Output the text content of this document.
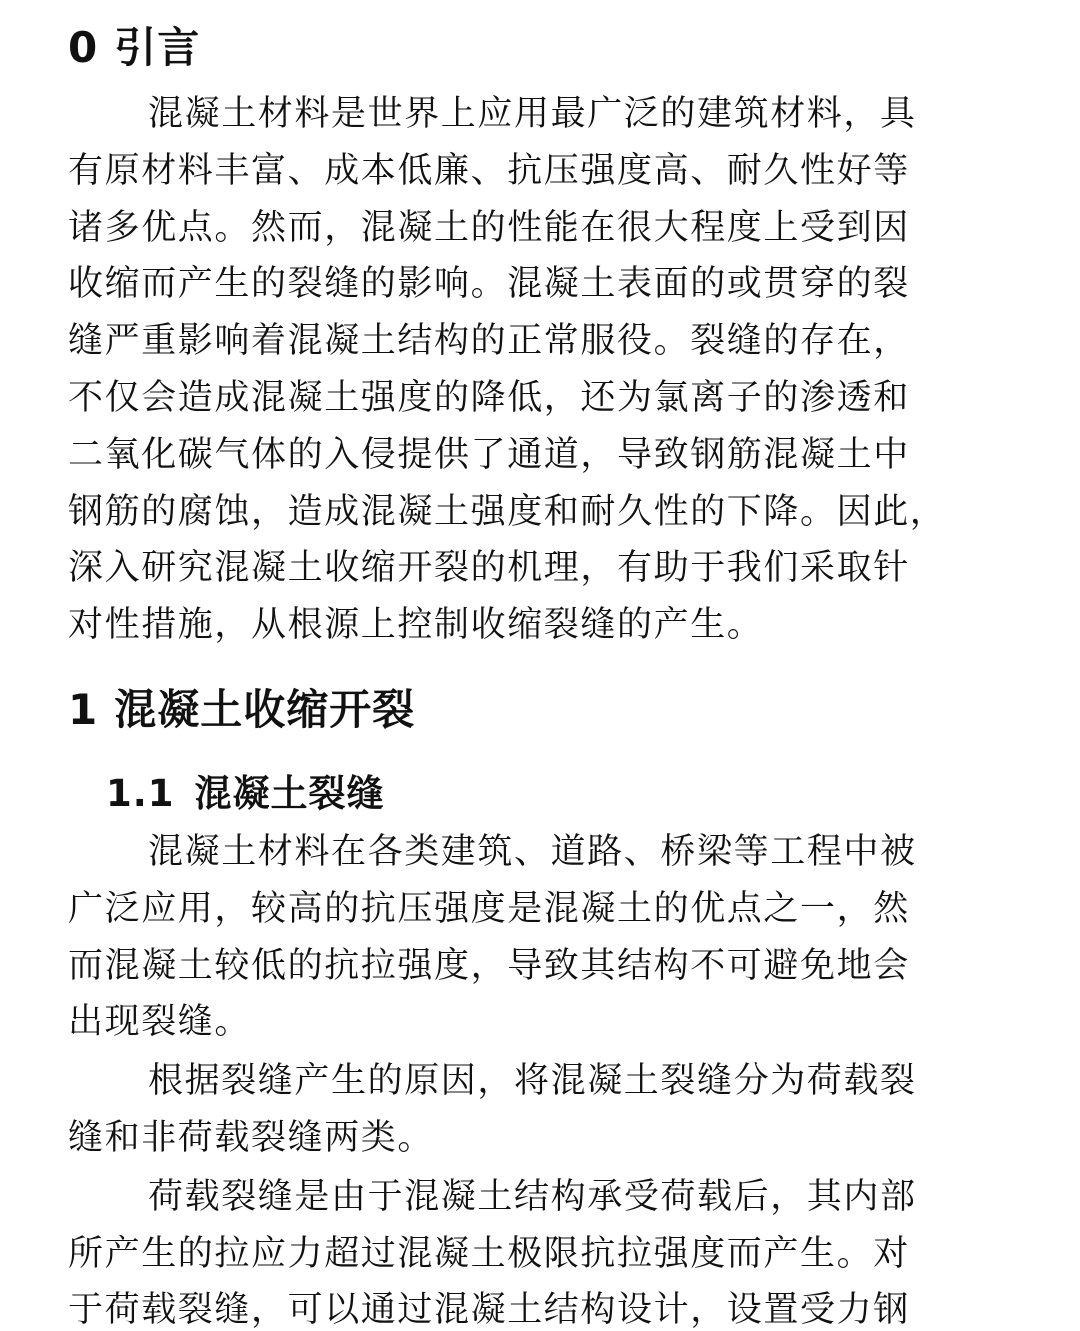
0 引言
混凝土材料是世界上应用最广泛的建筑材料，具
有原材料丰富、成本低廉、抗压强度高、耐久性好等
诸多优点。然而，混凝土的性能在很大程度上受到因
收缩而产生的裂缝的影响。混凝土表面的或贯穿的裂
缝严重影响着混凝土结构的正常服役。裂缝的存在，
不仅会造成混凝土强度的降低，还为氯离子的渗透和
二氧化碳气体的入侵提供了通道，导致钢筋混凝土中
钢筋的腐蚀，造成混凝土强度和耐久性的下降。因此，
深入研究混凝土收缩开裂的机理，有助于我们采取针
对性措施，从根源上控制收缩裂缝的产生。
1 混凝土收缩开裂
1.1 混凝土裂缝
混凝土材料在各类建筑、道路、桥梁等工程中被
广泛应用，较高的抗压强度是混凝土的优点之一，然
而混凝土较低的抗拉强度，导致其结构不可避免地会
出现裂缝。
根据裂缝产生的原因，将混凝土裂缝分为荷载裂
缝和非荷载裂缝两类。
荷载裂缝是由于混凝土结构承受荷载后，其内部
所产生的拉应力超过混凝土极限抗拉强度而产生。对
于荷载裂缝，可以通过混凝土结构设计，设置受力钢
